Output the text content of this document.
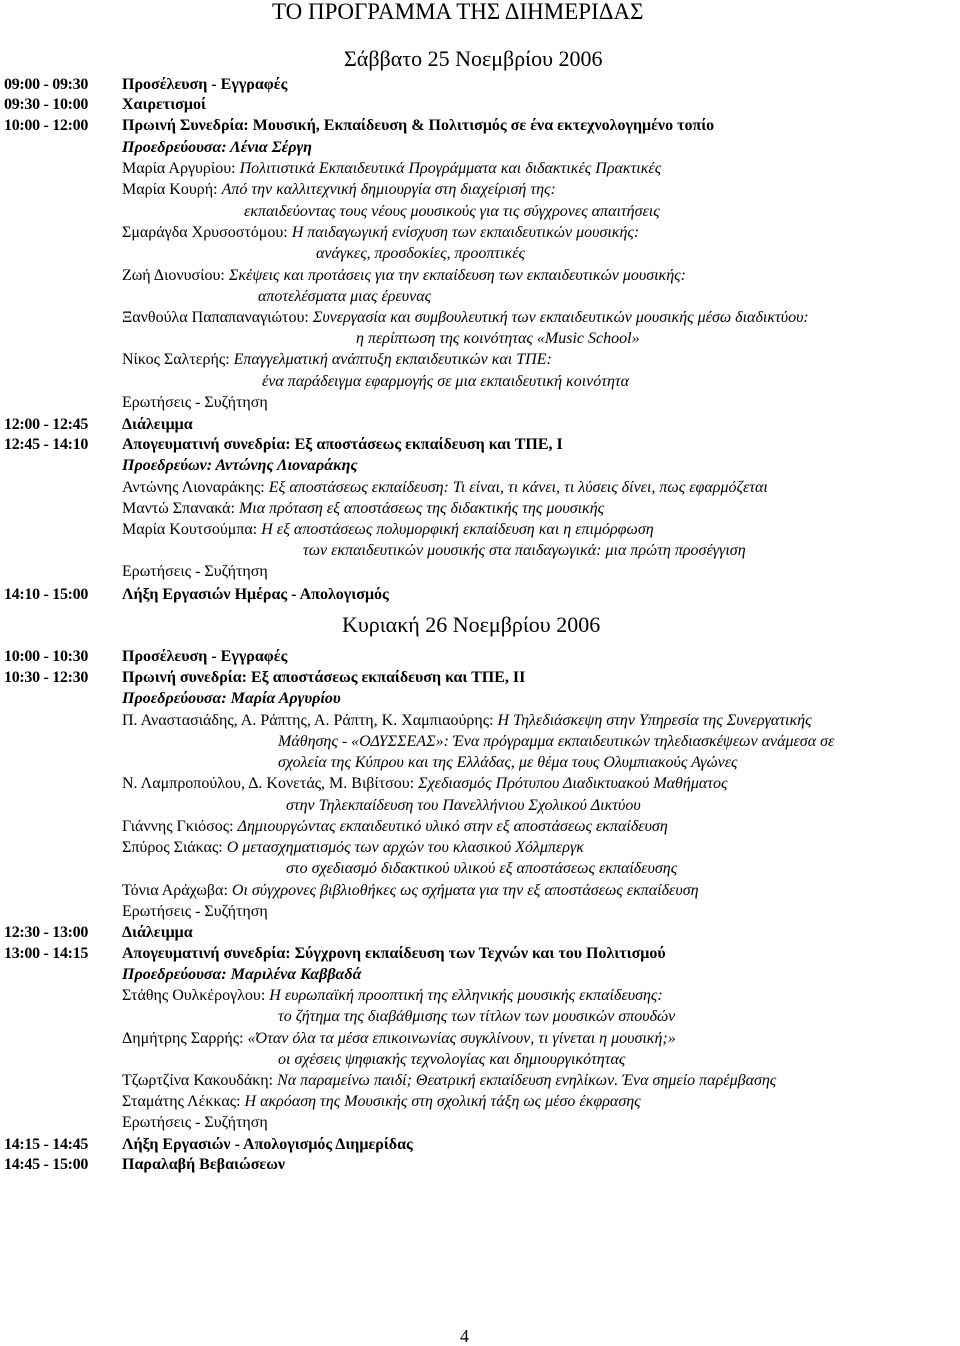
ΤΟ ΠΡΟΓΡΑΜΜΑ ΤΗΣ ΔΙΗΜΕΡΙΔΑΣ
Σάββατο 25 Νοεμβρίου 2006
09:00 - 09:30 Προσέλευση - Εγγραφές
09:30 - 10:00 Χαιρετισμοί
10:00 - 12:00 Πρωινή Συνεδρία: Μουσική, Εκπαίδευση & Πολιτισμός σε ένα εκτεχνολογημένο τοπίο
Προεδρεύουσα: Λένια Σέργη
Μαρία Αργυρίου: Πολιτιστικά Εκπαιδευτικά Προγράμματα και διδακτικές Πρακτικές
Μαρία Κουρή: Από την καλλιτεχνική δημιουργία στη διαχείρισή της:
εκπαιδεύοντας τους νέους μουσικούς για τις σύγχρονες απαιτήσεις
Σμαράγδα Χρυσοστόμου: Η παιδαγωγική ενίσχυση των εκπαιδευτικών μουσικής:
ανάγκες, προσδοκίες, προοπτικές
Ζωή Διονυσίου: Σκέψεις και προτάσεις για την εκπαίδευση των εκπαιδευτικών μουσικής:
αποτελέσματα μιας έρευνας
Ξανθούλα Παπαπαναγιώτου: Συνεργασία και συμβουλευτική των εκπαιδευτικών μουσικής μέσω διαδικτύου:
η περίπτωση της κοινότητας «Music School»
Νίκος Σαλτερής: Επαγγελματική ανάπτυξη εκπαιδευτικών και ΤΠΕ:
ένα παράδειγμα εφαρμογής σε μια εκπαιδευτική κοινότητα
Ερωτήσεις - Συζήτηση
12:00 - 12:45 Διάλειμμα
12:45 - 14:10 Απογευματινή συνεδρία: Εξ αποστάσεως εκπαίδευση και ΤΠΕ, Ι
Προεδρεύων: Αντώνης Λιοναράκης
Αντώνης Λιοναράκης: Εξ αποστάσεως εκπαίδευση: Τι είναι, τι κάνει, τι λύσεις δίνει, πως εφαρμόζεται
Μαντώ Σπανακά: Μια πρόταση εξ αποστάσεως της διδακτικής της μουσικής
Μαρία Κουτσούμπα: Η εξ αποστάσεως πολυμορφική εκπαίδευση και η επιμόρφωση
των εκπαιδευτικών μουσικής στα παιδαγωγικά: μια πρώτη προσέγγιση
Ερωτήσεις - Συζήτηση
14:10 - 15:00 Λήξη Εργασιών Ημέρας - Απολογισμός
Κυριακή 26 Νοεμβρίου 2006
10:00 - 10:30 Προσέλευση - Εγγραφές
10:30 - 12:30 Πρωινή συνεδρία: Εξ αποστάσεως εκπαίδευση και ΤΠΕ, ΙΙ
Προεδρεύουσα: Μαρία Αργυρίου
Π. Αναστασιάδης, Α. Ράπτης, Α. Ράπτη, Κ. Χαμπιαούρης: Η Τηλεδιάσκεψη στην Υπηρεσία της Συνεργατικής
Μάθησης - «ΟΔΥΣΣΕΑΣ»: Ένα πρόγραμμα εκπαιδευτικών τηλεδιασκέψεων ανάμεσα σε
σχολεία της Κύπρου και της Ελλάδας, με θέμα τους Ολυμπιακούς Αγώνες
Ν. Λαμπροπούλου, Δ. Κονετάς, Μ. Βιβίτσου: Σχεδιασμός Πρότυπου Διαδικτυακού Μαθήματος
στην Τηλεκπαίδευση του Πανελλήνιου Σχολικού Δικτύου
Γιάννης Γκιόσος: Δημιουργώντας εκπαιδευτικό υλικό στην εξ αποστάσεως εκπαίδευση
Σπύρος Σιάκας: Ο μετασχηματισμός των αρχών του κλασικού Χόλμπεργκ
στο σχεδιασμό διδακτικού υλικού εξ αποστάσεως εκπαίδευσης
Τόνια Αράχωβα: Οι σύγχρονες βιβλιοθήκες ως σχήματα για την εξ αποστάσεως εκπαίδευση
Ερωτήσεις - Συζήτηση
12:30 - 13:00 Διάλειμμα
13:00 - 14:15 Απογευματινή συνεδρία: Σύγχρονη εκπαίδευση των Τεχνών και του Πολιτισμού
Προεδρεύουσα: Μαριλένα Καββαδά
Στάθης Ουλκέρογλου: Η ευρωπαϊκή προοπτική της ελληνικής μουσικής εκπαίδευσης:
το ζήτημα της διαβάθμισης των τίτλων των μουσικών σπουδών
Δημήτρης Σαρρής: «Όταν όλα τα μέσα επικοινωνίας συγκλίνουν, τι γίνεται η μουσική;»
οι σχέσεις ψηφιακής τεχνολογίας και δημιουργικότητας
Τζωρτζίνα Κακουδάκη: Να παραμείνω παιδί; Θεατρική εκπαίδευση ενηλίκων. Ένα σημείο παρέμβασης
Σταμάτης Λέκκας: Η ακρόαση της Μουσικής στη σχολική τάξη ως μέσο έκφρασης
Ερωτήσεις - Συζήτηση
14:15 - 14:45 Λήξη Εργασιών - Απολογισμός Διημερίδας
14:45 - 15:00 Παραλαβή Βεβαιώσεων
4
